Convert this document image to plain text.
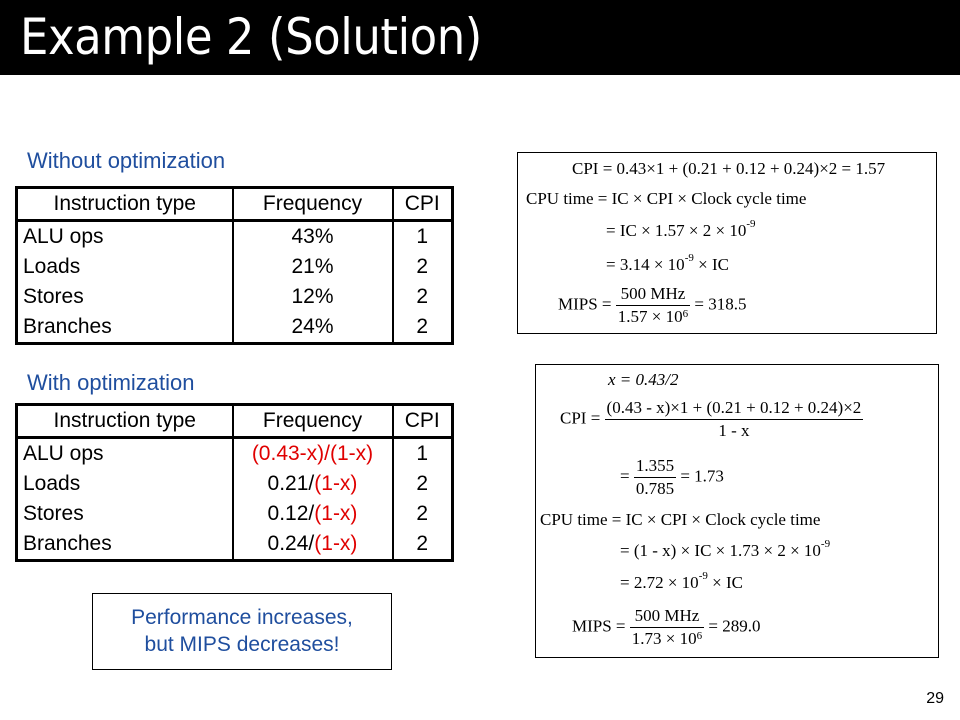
Example 2 (Solution)
Without optimization
Instruction type	Frequency	CPI
ALU ops	43%	1
Loads	21%	2
Stores	12%	2
Branches	24%	2
With optimization
Instruction type	Frequency	CPI
ALU ops	(0.43-x)/(1-x)	1
Loads	0.21/(1-x)	2
Stores	0.12/(1-x)	2
Branches	0.24/(1-x)	2
CPI = 0.43×1 + (0.21 + 0.12 + 0.24)×2 = 1.57
CPU time = IC × CPI × Clock cycle time
= IC × $1.57 \times 2 \times 10^{-9}$
= $3.14 \times 10^{-9}$ × IC
MIPS = $\frac{\text{500 MHz}}{1.57 \times 10^6} = 318.5$
x = 0.43/2
CPI = $\frac{(0.43 - x)\times 1 + (0.21 + 0.12 + 0.24)\times 2}{1 - x}$
= $\frac{1.355}{0.785} = 1.73$
CPU time = IC × CPI × Clock cycle time
= (1 - x) × IC × $1.73 \times 2 \times 10^{-9}$
= $2.72 \times 10^{-9}$ × IC
MIPS = $\frac{\text{500 MHz}}{1.73 \times 10^6} = 289.0$
Performance increases,
but MIPS decreases!
29
